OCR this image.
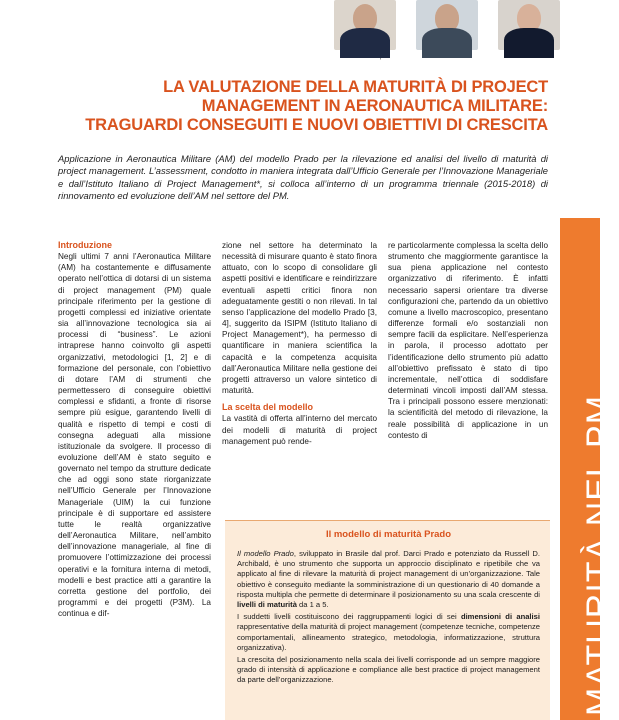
LA VALUTAZIONE DELLA MATURITÀ DI PROJECT
MANAGEMENT IN AERONAUTICA MILITARE:
TRAGUARDI CONSEGUITI E NUOVI OBIETTIVI DI CRESCITA
Applicazione in Aeronautica Militare (AM) del modello Prado per la rilevazione ed analisi del livello di maturità di project management. L’assessment, condotto in maniera integrata dall’Ufficio Generale per l’Innovazione Manageriale e dall’Istituto Italiano di Project Management*, si colloca all’interno di un programma triennale (2015-2018) di rinnovamento ed evoluzione dell’AM nel settore del PM.
MATURITÀ NEL PM
Introduzione
Negli ultimi 7 anni l’Aeronautica Militare (AM) ha costantemente e diffusamente operato nell’ottica di dotarsi di un sistema di project management (PM) quale principale riferimento per la gestione di progetti complessi ed iniziative orientate sia all’innovazione tecnologica sia ai processi di “business”. Le azioni intraprese hanno coinvolto gli aspetti organizzativi, metodologici [1, 2] e di formazione del personale, con l’obiettivo di dotare l’AM di strumenti che permettessero di conseguire obiettivi complessi e sfidanti, a fronte di risorse sempre più esigue, garantendo livelli di qualità e rispetto di tempi e costi di consegna adeguati alla missione istituzionale da svolgere. Il processo di evoluzione dell’AM è stato seguito e governato nel tempo da strutture dedicate che ad oggi sono state riorganizzate nell’Ufficio Generale per l’Innovazione Manageriale (UIM) la cui funzione principale è di supportare ed assistere tutte le realtà organizzative dell’Aeronautica Militare, nell’ambito dell’innovazione manageriale, al fine di promuovere l’ottimizzazione dei processi operativi e la fornitura interna di metodi, modelli e best practice atti a garantire la corretta gestione del portfolio, dei programmi e dei progetti (P3M). La continua e dif-
zione nel settore ha determinato la necessità di misurare quanto è stato finora attuato, con lo scopo di consolidare gli aspetti positivi e identificare e reindirizzare eventuali aspetti critici finora non adeguatamente gestiti o non rilevati. In tal senso l’applicazione del modello Prado [3, 4], suggerito da ISIPM (Istituto Italiano di Project Management*), ha permesso di quantificare in maniera scientifica la capacità e la competenza acquisita dall’Aeronautica Militare nella gestione dei progetti attraverso un valore sintetico di maturità.
La scelta del modello
La vastità di offerta all’interno del mercato dei modelli di maturità di project management può rende-
re particolarmente complessa la scelta dello strumento che maggiormente garantisce la sua piena applicazione nel contesto organizzativo di riferimento. È infatti necessario sapersi orientare tra diverse configurazioni che, partendo da un obiettivo comune a livello macroscopico, presentano differenze formali e/o sostanziali non sempre facili da esplicitare. Nell’esperienza in parola, il processo adottato per l’identificazione dello strumento più adatto all’obiettivo prefissato è stato di tipo incrementale, nell’ottica di soddisfare determinati vincoli imposti dall’AM stessa. Tra i principali possono essere menzionati: la scientificità del metodo di rilevazione, la reale possibilità di applicazione in un contesto di
Il modello di maturità Prado

Il modello Prado, sviluppato in Brasile dal prof. Darci Prado e potenziato da Russell D. Archibald, è uno strumento che supporta un approccio disciplinato e ripetibile che va applicato al fine di rilevare la maturità di project management di un’organizzazione. Tale obiettivo è conseguito mediante la somministrazione di un questionario di 40 domande a risposta multipla che permette di determinare il posizionamento su una scala crescente di livelli di maturità da 1 a 5.

I suddetti livelli costituiscono dei raggruppamenti logici di sei dimensioni di analisi rappresentative della maturità di project management (competenze tecniche, competenze comportamentali, allineamento strategico, metodologia, informatizzazione, struttura organizzativa).

La crescita del posizionamento nella scala dei livelli corrisponde ad un sempre maggiore grado di intensità di applicazione e compliance alle best practice di project management da parte dell’organizzazione.
